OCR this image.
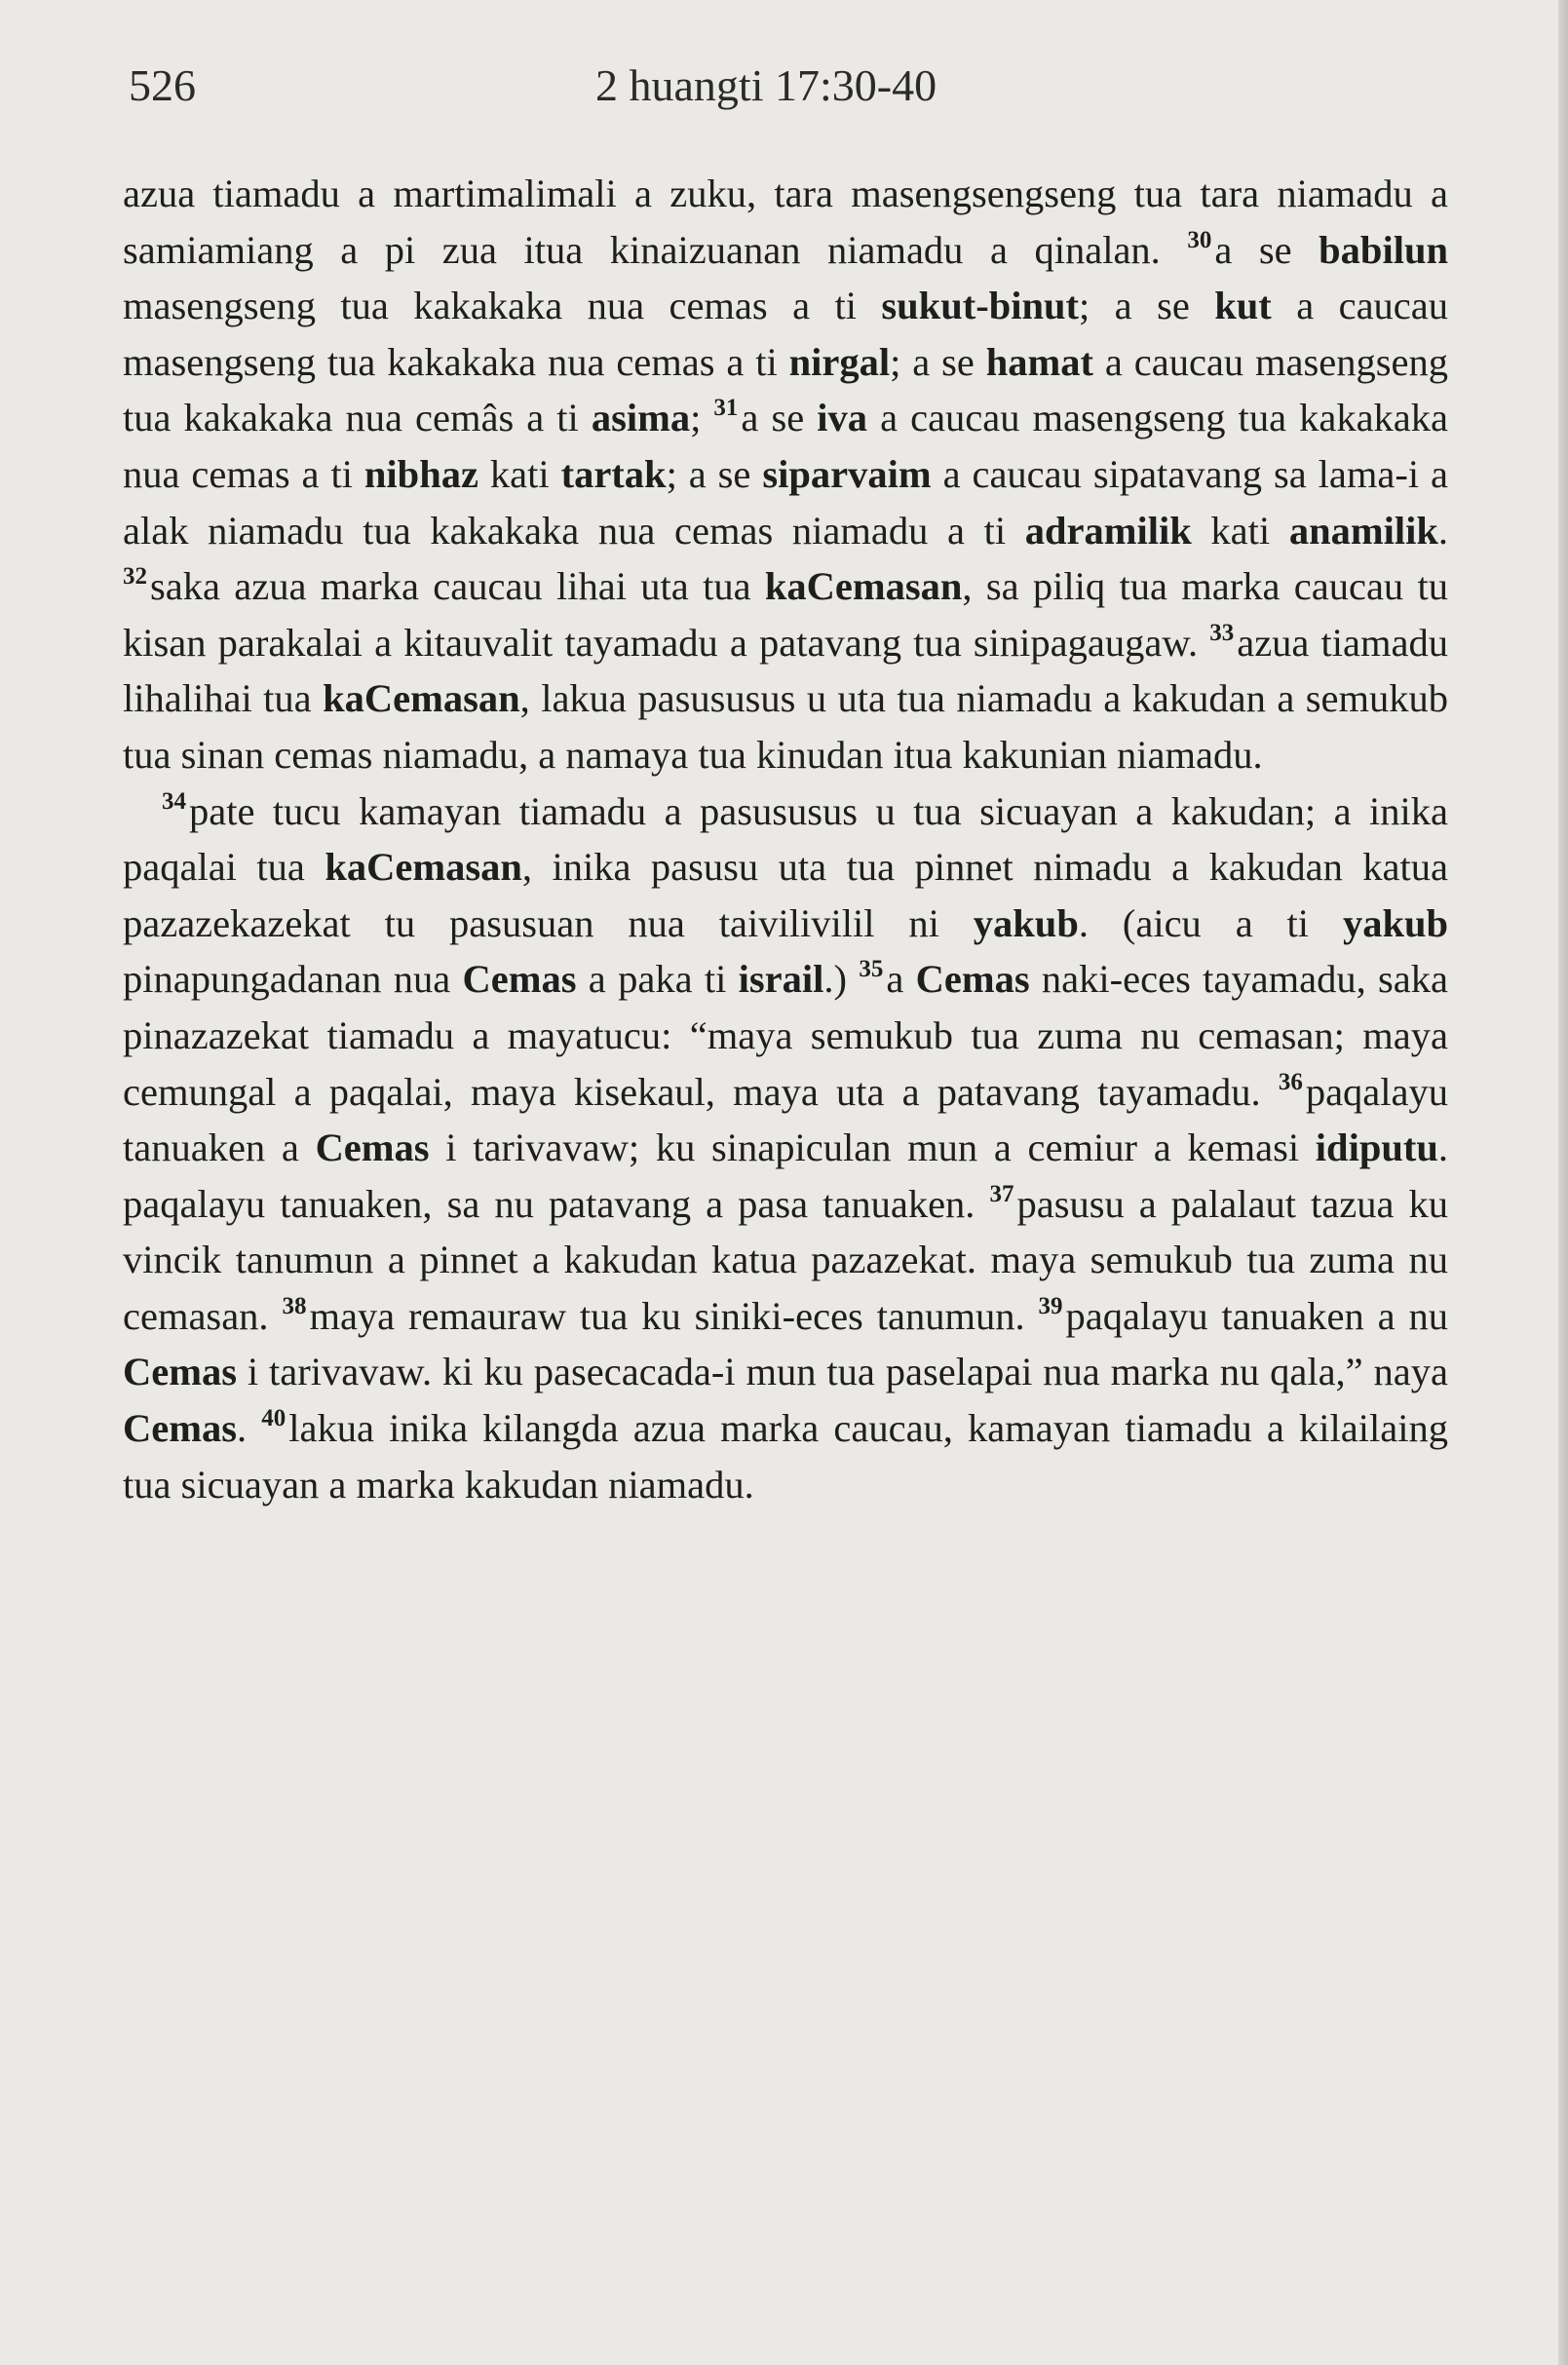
526	2 huangti 17:30-40

azua tiamadu a martimalimali a zuku, tara masengsengseng tua tara niamadu a samiamiang a pi zua itua kinaizuanan niamadu a qinalan. $^{30}$a se babilun masengseng tua kakakaka nua cemas a ti sukut-binut; a se kut a caucau masengseng tua kakakaka nua cemas a ti nirgal; a se hamat a caucau masengseng tua kakakaka nua cemâs a ti asima; $^{31}$a se iva a caucau masengseng tua kakakaka nua cemas a ti nibhaz kati tartak; a se siparvaim a caucau sipatavang sa lama-i a alak niamadu tua kakakaka nua cemas niamadu a ti adramilik kati anamilik. $^{32}$saka azua marka caucau lihai uta tua kaCemasan, sa piliq tua marka caucau tu kisan parakalai a kitauvalit tayamadu a patavang tua sinipagaugaw. $^{33}$azua tiamadu lihalihai tua kaCemasan, lakua pasususus u uta tua niamadu a kakudan a semukub tua sinan cemas niamadu, a namaya tua kinudan itua kakunian niamadu.

$^{34}$pate tucu kamayan tiamadu a pasususus u tua sicuayan a kakudan; a inika paqalai tua kaCemasan, inika pasusu uta tua pinnet nimadu a kakudan katua pazazekazekat tu pasusuan nua taivilivilil ni yakub. (aicu a ti yakub pinapungadanan nua Cemas a paka ti israil.) $^{35}$a Cemas naki-eces tayamadu, saka pinazazekat tiamadu a mayatucu: “maya semukub tua zuma nu cemasan; maya cemungal a paqalai, maya kisekaul, maya uta a patavang tayamadu. $^{36}$paqalayu tanuaken a Cemas i tarivavaw; ku sinapiculan mun a cemiur a kemasi idiputu. paqalayu tanuaken, sa nu patavang a pasa tanuaken. $^{37}$pasusu a palalaut tazua ku vincik tanumun a pinnet a kakudan katua pazazekat. maya semukub tua zuma nu cemasan. $^{38}$maya remauraw tua ku siniki-eces tanumun. $^{39}$paqalayu tanuaken a nu Cemas i tarivavaw. ki ku pasecacada-i mun tua paselapai nua marka nu qala,” naya Cemas. $^{40}$lakua inika kilangda azua marka caucau, kamayan tiamadu a kilailaing tua sicuayan a marka kakudan niamadu.
